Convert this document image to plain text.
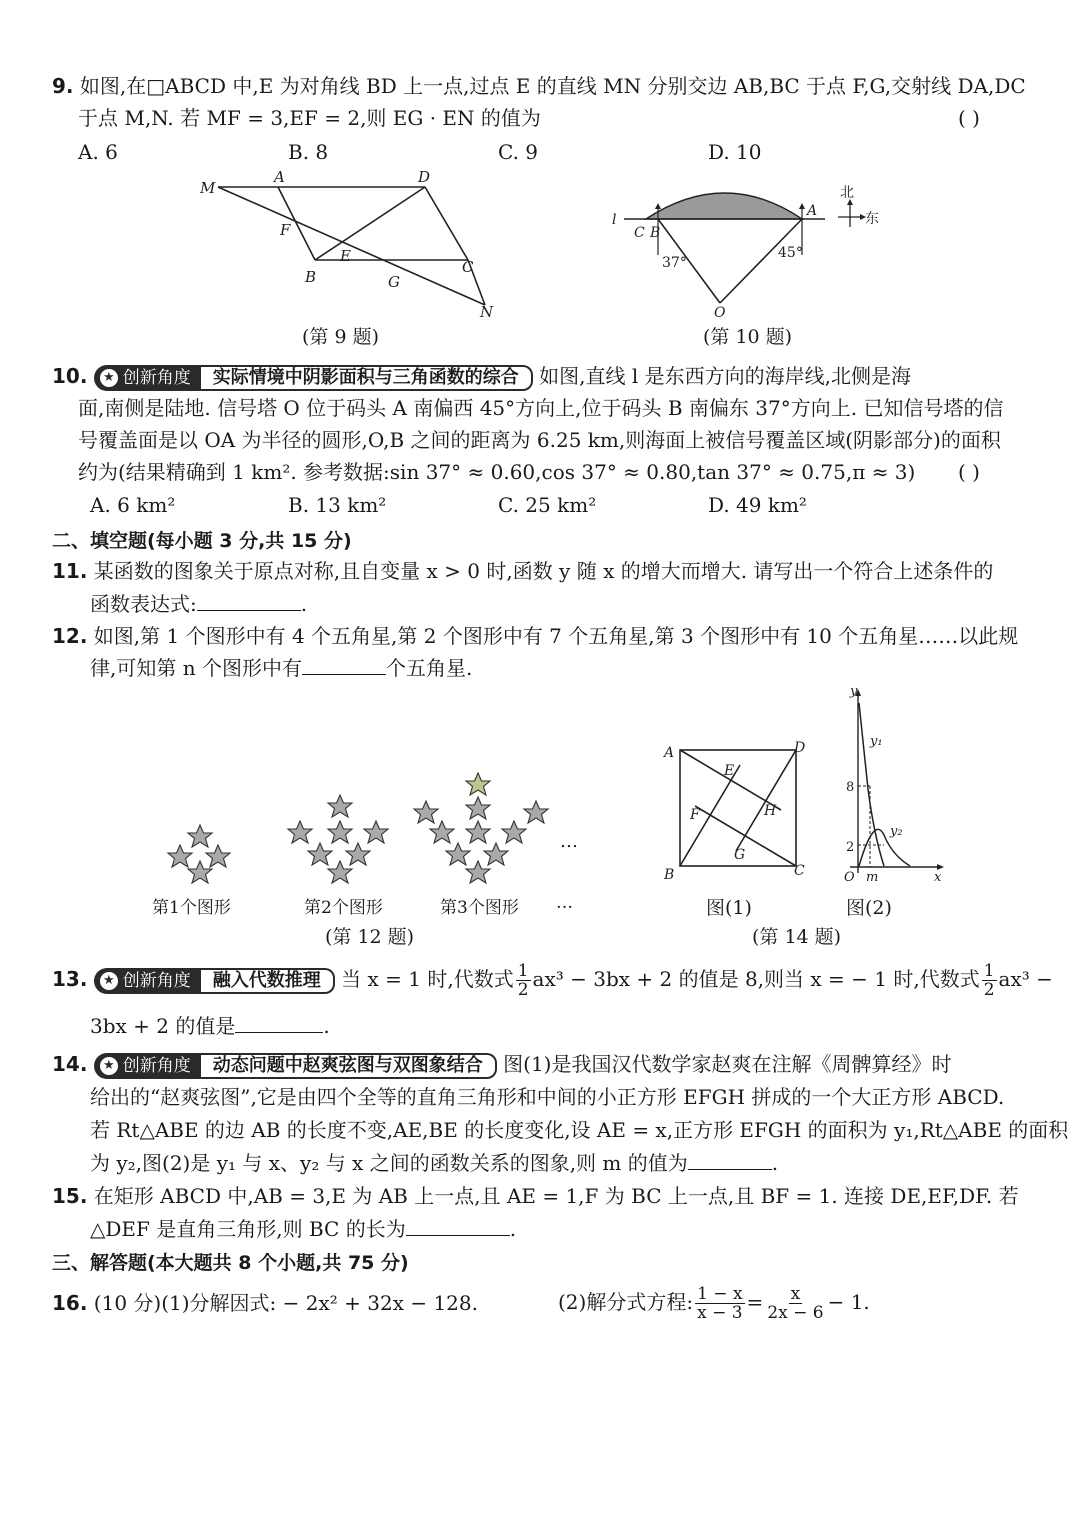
9. 如图,在□ABCD 中,E 为对角线 BD 上一点,过点 E 的直线 MN 分别交边 AB,BC 于点 F,G,交射线 DA,DC
于点 M,N. 若 MF = 3,EF = 2,则 EG · EN 的值为	( )
A. 6	B. 8	C. 9	D. 10
M
A	D
F
E
B	G
C
N
(第 9 题)
l
C B
A
O
37°
45°
北
东
(第 10 题)
10. ★ 创新角度	实际情境中阴影面积与三角函数的综合	如图,直线 l 是东西方向的海岸线,北侧是海
面,南侧是陆地. 信号塔 O 位于码头 A 南偏西 45°方向上,位于码头 B 南偏东 37°方向上. 已知信号塔的信
号覆盖面是以 OA 为半径的圆形,O,B 之间的距离为 6.25 km,则海面上被信号覆盖区域(阴影部分)的面积
约为(结果精确到 1 km². 参考数据:sin 37° ≈ 0.60,cos 37° ≈ 0.80,tan 37° ≈ 0.75,π ≈ 3) ( )
A. 6 km²	B. 13 km²	C. 25 km²	D. 49 km²
二、填空题(每小题 3 分,共 15 分)
11. 某函数的图象关于原点对称,且自变量 x > 0 时,函数 y 随 x 的增大而增大. 请写出一个符合上述条件的
函数表达式:	.
12. 如图,第 1 个图形中有 4 个五角星,第 2 个图形中有 7 个五角星,第 3 个图形中有 10 个五角星……以此规
律,可知第 n 个图形中有	个五角星.
…
第1个图形	第2个图形	第3个图形 …
(第 12 题)
A	D
E
F	H
G
B	C
y
x
y₁
y₂
8
2
O m
图(1)	图(2)
(第 14 题)
13. ★ 创新角度	融入代数推理	当 x = 1 时,代数式 $\frac{1}{2} ax^3 - 3bx + 2$ 的值是 8,则当 x = − 1 时,代数式 $\frac{1}{2} ax^3$ −
3bx + 2 的值是	.
14. ★ 创新角度	动态问题中赵爽弦图与双图象结合	图(1)是我国汉代数学家赵爽在注解《周髀算经》时
给出的“赵爽弦图”,它是由四个全等的直角三角形和中间的小正方形 EFGH 拼成的一个大正方形 ABCD.
若 Rt△ABE 的边 AB 的长度不变,AE,BE 的长度变化,设 AE = x,正方形 EFGH 的面积为 y₁,Rt△ABE 的面积
为 y₂,图(2)是 y₁ 与 x、y₂ 与 x 之间的函数关系的图象,则 m 的值为	.
15. 在矩形 ABCD 中,AB = 3,E 为 AB 上一点,且 AE = 1,F 为 BC 上一点,且 BF = 1. 连接 DE,EF,DF. 若
△DEF 是直角三角形,则 BC 的长为	.
三、解答题(本大题共 8 个小题,共 75 分)
16. (10 分)(1)分解因式: − 2x² + 32x − 128.	(2)解分式方程: $\frac{1 - x}{x - 3} = \frac{x}{2x - 6} - 1$.
